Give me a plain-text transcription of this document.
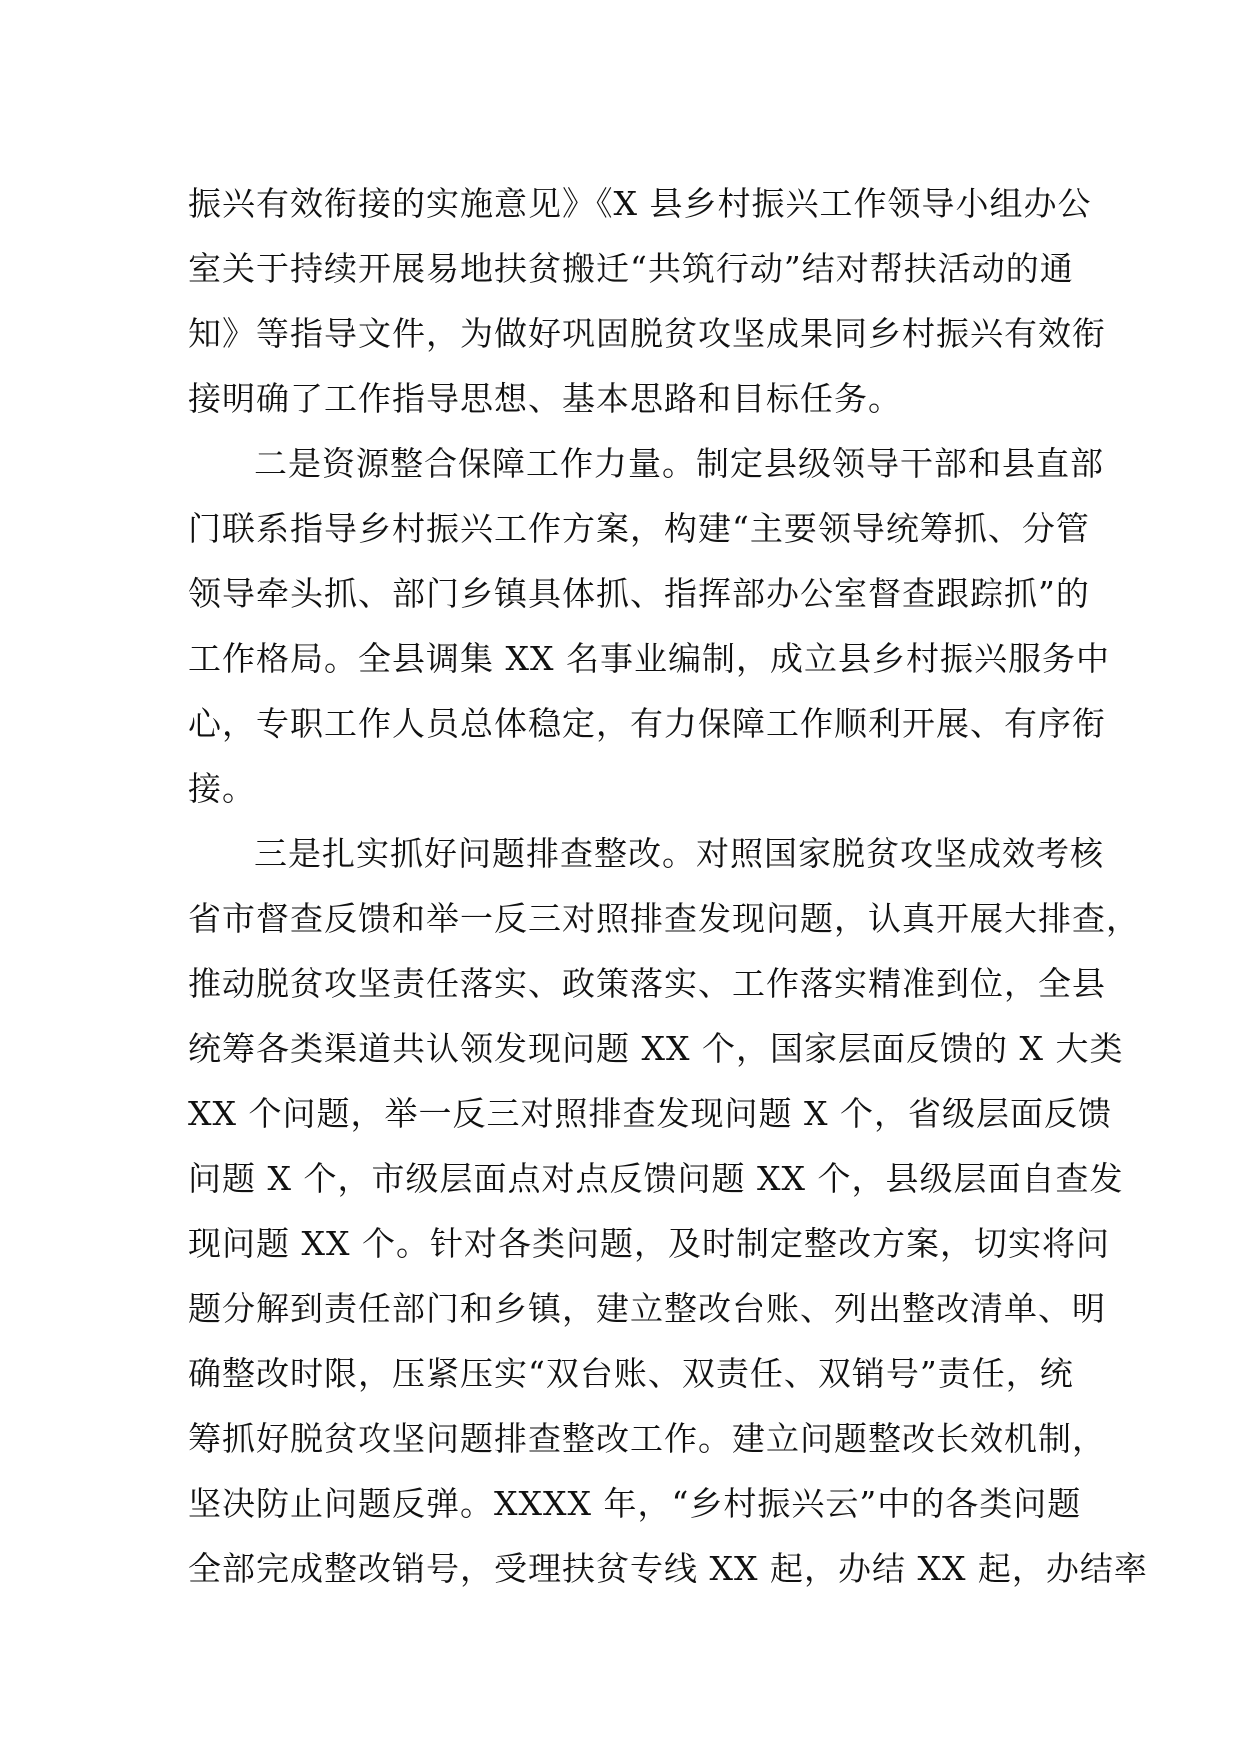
振兴有效衔接的实施意见》《X 县乡村振兴工作领导小组办公
室关于持续开展易地扶贫搬迁“共筑行动”结对帮扶活动的通
知》等指导文件，为做好巩固脱贫攻坚成果同乡村振兴有效衔
接明确了工作指导思想、基本思路和目标任务。
二是资源整合保障工作力量。制定县级领导干部和县直部
门联系指导乡村振兴工作方案，构建“主要领导统筹抓、分管
领导牵头抓、部门乡镇具体抓、指挥部办公室督查跟踪抓”的
工作格局。全县调集 XX 名事业编制，成立县乡村振兴服务中
心，专职工作人员总体稳定，有力保障工作顺利开展、有序衔
接。
三是扎实抓好问题排查整改。对照国家脱贫攻坚成效考核
省市督查反馈和举一反三对照排查发现问题，认真开展大排查，
推动脱贫攻坚责任落实、政策落实、工作落实精准到位，全县
统筹各类渠道共认领发现问题 XX 个，国家层面反馈的 X 大类
XX 个问题，举一反三对照排查发现问题 X 个，省级层面反馈
问题 X 个，市级层面点对点反馈问题 XX 个，县级层面自查发
现问题 XX 个。针对各类问题，及时制定整改方案，切实将问
题分解到责任部门和乡镇，建立整改台账、列出整改清单、明
确整改时限，压紧压实“双台账、双责任、双销号”责任，统
筹抓好脱贫攻坚问题排查整改工作。建立问题整改长效机制，
坚决防止问题反弹。XXXX 年，“乡村振兴云”中的各类问题
全部完成整改销号，受理扶贫专线 XX 起，办结 XX 起，办结率
